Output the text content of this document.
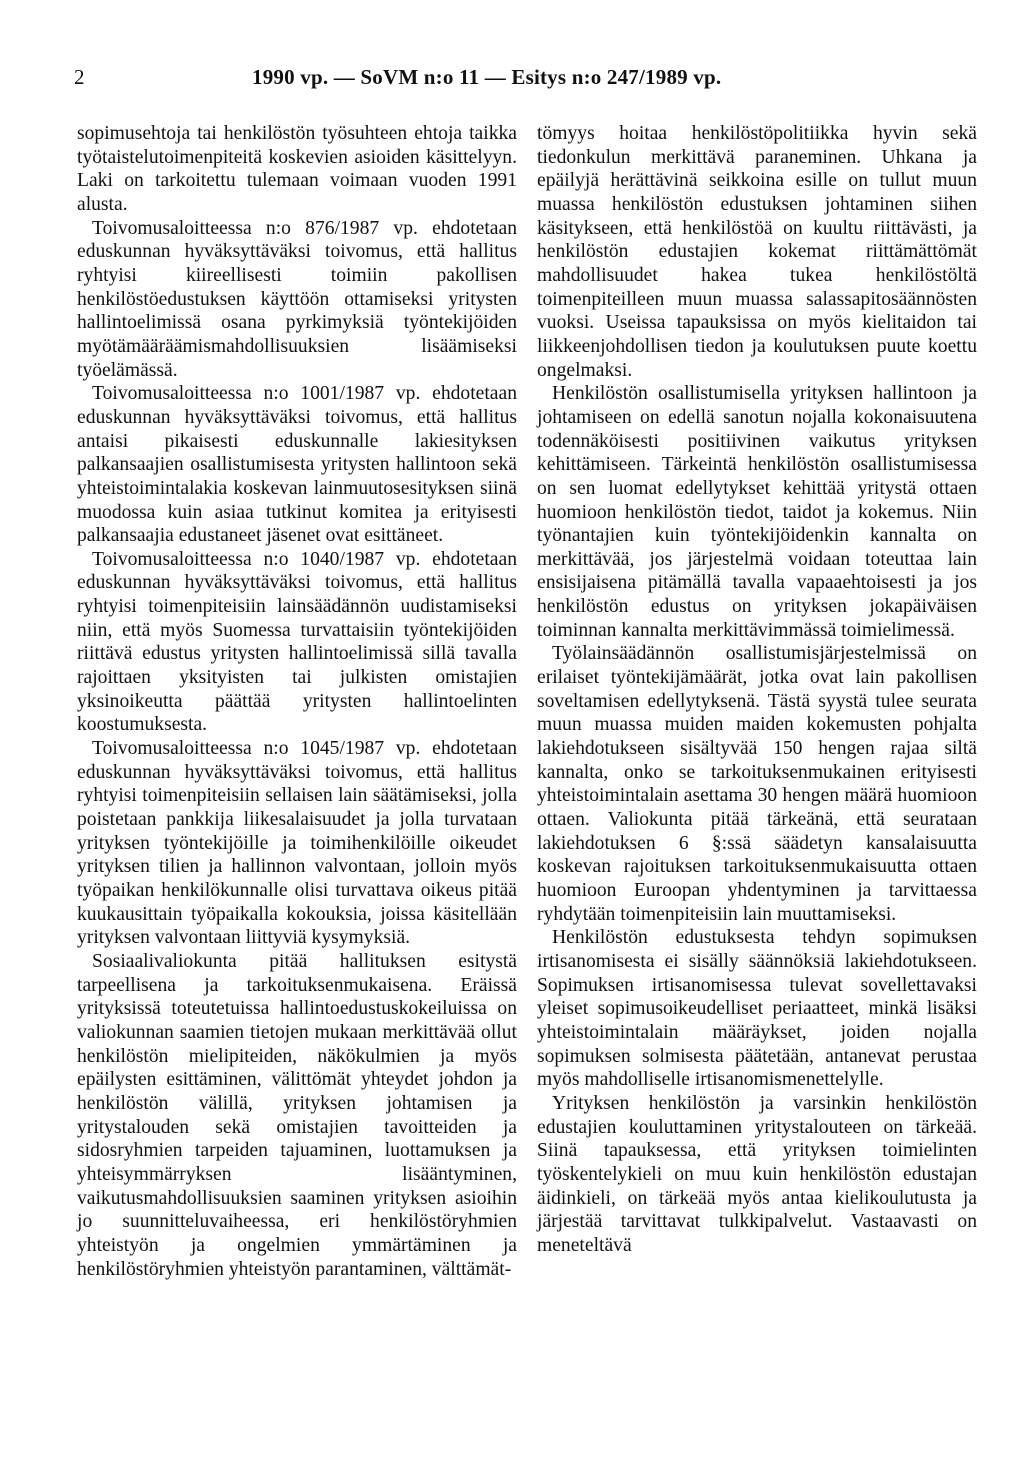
2	1990 vp. — SoVM n:o 11 — Esitys n:o 247/1989 vp.

sopimusehtoja tai henkilöstön työsuhteen ehtoja taikka työtaistelutoimenpiteitä koskevien asioiden käsittelyyn. Laki on tarkoitettu tulemaan voimaan vuoden 1991 alusta.

Toivomusaloitteessa n:o 876/1987 vp. ehdotetaan eduskunnan hyväksyttäväksi toivomus, että hallitus ryhtyisi kiireellisesti toimiin pakollisen henkilöstöedustuksen käyttöön ottamiseksi yritysten hallintoelimissä osana pyrkimyksiä työntekijöiden myötämääräämismahdollisuuksien lisäämiseksi työelämässä.

Toivomusaloitteessa n:o 1001/1987 vp. ehdotetaan eduskunnan hyväksyttäväksi toivomus, että hallitus antaisi pikaisesti eduskunnalle lakiesityksen palkansaajien osallistumisesta yritysten hallintoon sekä yhteistoimintalakia koskevan lainmuutosesityksen siinä muodossa kuin asiaa tutkinut komitea ja erityisesti palkansaajia edustaneet jäsenet ovat esittäneet.

Toivomusaloitteessa n:o 1040/1987 vp. ehdotetaan eduskunnan hyväksyttäväksi toivomus, että hallitus ryhtyisi toimenpiteisiin lainsäädännön uudistamiseksi niin, että myös Suomessa turvattaisiin työntekijöiden riittävä edustus yritysten hallintoelimissä sillä tavalla rajoittaen yksityisten tai julkisten omistajien yksinoikeutta päättää yritysten hallintoelinten koostumuksesta.

Toivomusaloitteessa n:o 1045/1987 vp. ehdotetaan eduskunnan hyväksyttäväksi toivomus, että hallitus ryhtyisi toimenpiteisiin sellaisen lain säätämiseksi, jolla poistetaan pankkija liikesalaisuudet ja jolla turvataan yrityksen työntekijöille ja toimihenkilöille oikeudet yrityksen tilien ja hallinnon valvontaan, jolloin myös työpaikan henkilökunnalle olisi turvattava oikeus pitää kuukausittain työpaikalla kokouksia, joissa käsitellään yrityksen valvontaan liittyviä kysymyksiä.

Sosiaalivaliokunta pitää hallituksen esitystä tarpeellisena ja tarkoituksenmukaisena. Eräissä yrityksissä toteutetuissa hallintoedustuskokeiluissa on valiokunnan saamien tietojen mukaan merkittävää ollut henkilöstön mielipiteiden, näkökulmien ja myös epäilysten esittäminen, välittömät yhteydet johdon ja henkilöstön välillä, yrityksen johtamisen ja yritystalouden sekä omistajien tavoitteiden ja sidosryhmien tarpeiden tajuaminen, luottamuksen ja yhteisymmärryksen lisääntyminen, vaikutusmahdollisuuksien saaminen yrityksen asioihin jo suunnitteluvaiheessa, eri henkilöstöryhmien yhteistyön ja ongelmien ymmärtäminen ja henkilöstöryhmien yhteistyön parantaminen, välttämät-

tömyys hoitaa henkilöstöpolitiikka hyvin sekä tiedonkulun merkittävä paraneminen. Uhkana ja epäilyjä herättävinä seikkoina esille on tullut muun muassa henkilöstön edustuksen johtaminen siihen käsitykseen, että henkilöstöä on kuultu riittävästi, ja henkilöstön edustajien kokemat riittämättömät mahdollisuudet hakea tukea henkilöstöltä toimenpiteilleen muun muassa salassapitosäännösten vuoksi. Useissa tapauksissa on myös kielitaidon tai liikkeenjohdollisen tiedon ja koulutuksen puute koettu ongelmaksi.

Henkilöstön osallistumisella yrityksen hallintoon ja johtamiseen on edellä sanotun nojalla kokonaisuutena todennäköisesti positiivinen vaikutus yrityksen kehittämiseen. Tärkeintä henkilöstön osallistumisessa on sen luomat edellytykset kehittää yritystä ottaen huomioon henkilöstön tiedot, taidot ja kokemus. Niin työnantajien kuin työntekijöidenkin kannalta on merkittävää, jos järjestelmä voidaan toteuttaa lain ensisijaisena pitämällä tavalla vapaaehtoisesti ja jos henkilöstön edustus on yrityksen jokapäiväisen toiminnan kannalta merkittävimmässä toimielimessä.

Työlainsäädännön osallistumisjärjestelmissä on erilaiset työntekijämäärät, jotka ovat lain pakollisen soveltamisen edellytyksenä. Tästä syystä tulee seurata muun muassa muiden maiden kokemusten pohjalta lakiehdotukseen sisältyvää 150 hengen rajaa siltä kannalta, onko se tarkoituksenmukainen erityisesti yhteistoimintalain asettama 30 hengen määrä huomioon ottaen. Valiokunta pitää tärkeänä, että seurataan lakiehdotuksen 6 §:ssä säädetyn kansalaisuutta koskevan rajoituksen tarkoituksenmukaisuutta ottaen huomioon Euroopan yhdentyminen ja tarvittaessa ryhdytään toimenpiteisiin lain muuttamiseksi.

Henkilöstön edustuksesta tehdyn sopimuksen irtisanomisesta ei sisälly säännöksiä lakiehdotukseen. Sopimuksen irtisanomisessa tulevat sovellettavaksi yleiset sopimusoikeudelliset periaatteet, minkä lisäksi yhteistoimintalain määräykset, joiden nojalla sopimuksen solmisesta päätetään, antanevat perustaa myös mahdolliselle irtisanomismenettelylle.

Yrityksen henkilöstön ja varsinkin henkilöstön edustajien kouluttaminen yritystalouteen on tärkeää. Siinä tapauksessa, että yrityksen toimielinten työskentelykieli on muu kuin henkilöstön edustajan äidinkieli, on tärkeää myös antaa kielikoulutusta ja järjestää tarvittavat tulkkipalvelut. Vastaavasti on meneteltävä
